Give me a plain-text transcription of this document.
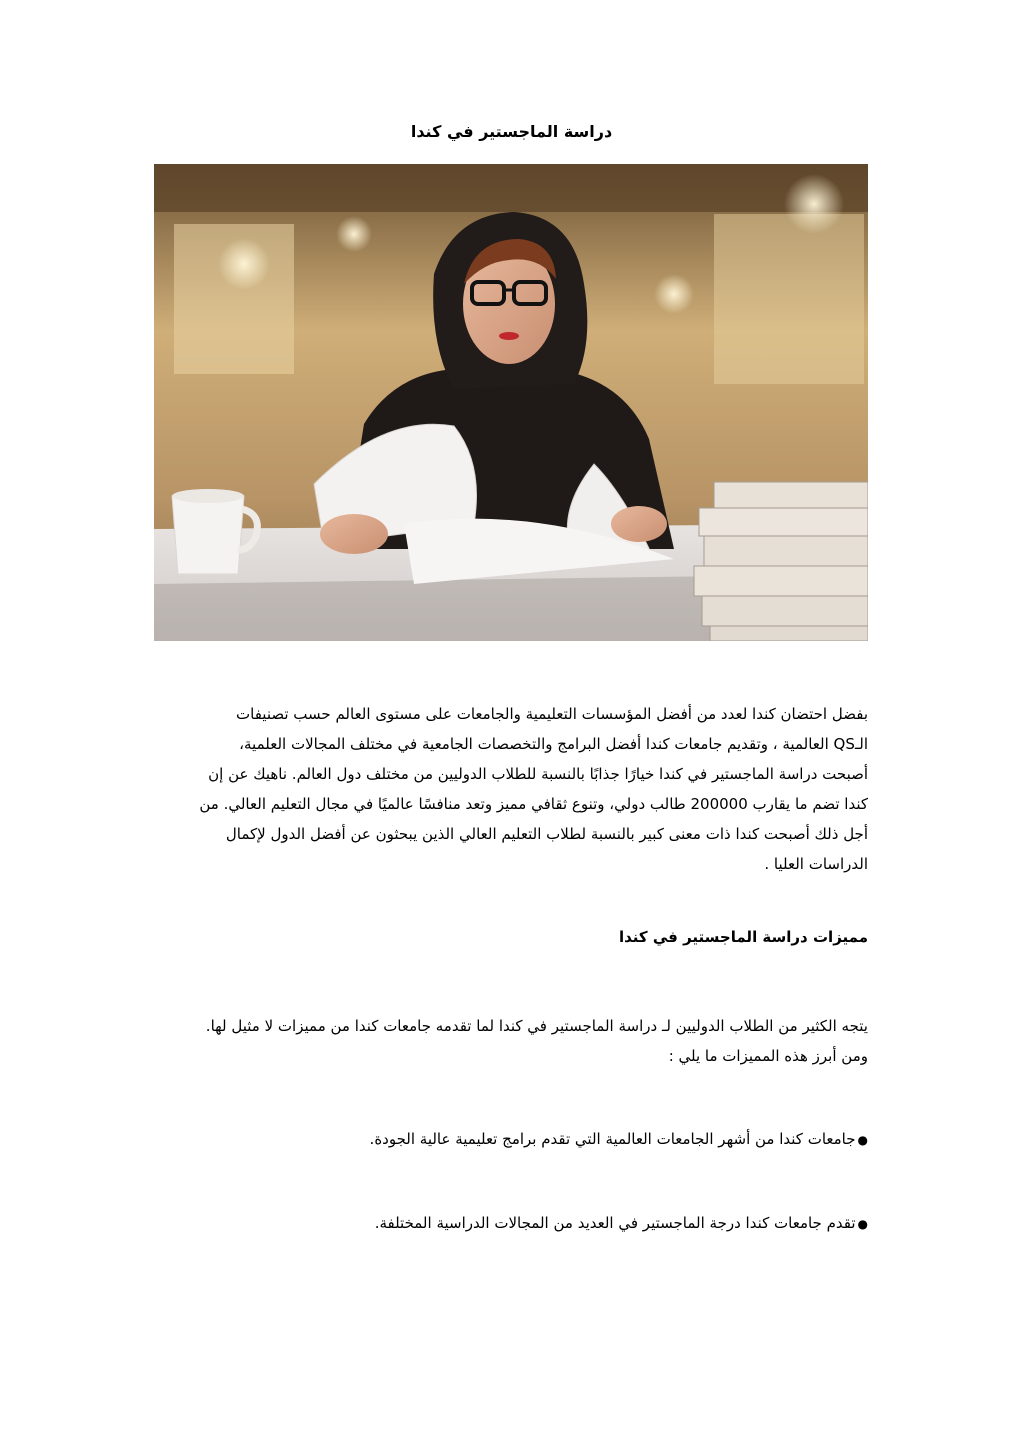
دراسة الماجستير في كندا
بفضل احتضان كندا لعدد من أفضل المؤسسات التعليمية والجامعات على مستوى العالم حسب تصنيفات
الـQS العالمية ، وتقديم جامعات كندا أفضل البرامج والتخصصات الجامعية في مختلف المجالات العلمية،
أصبحت دراسة الماجستير في كندا خيارًا جذابًا بالنسبة للطلاب الدوليين من مختلف دول العالم. ناهيك عن إن
كندا تضم ما يقارب 200000 طالب دولي، وتنوع ثقافي مميز وتعد منافسًا عالميًا في مجال التعليم العالي. من
أجل ذلك أصبحت كندا ذات معنى كبير بالنسبة لطلاب التعليم العالي الذين يبحثون عن أفضل الدول لإكمال
الدراسات العليا .
مميزات دراسة الماجستير في كندا
يتجه الكثير من الطلاب الدوليين لـ دراسة الماجستير في كندا لما تقدمه جامعات كندا من مميزات لا مثيل لها.
ومن أبرز هذه المميزات ما يلي :
●جامعات كندا من أشهر الجامعات العالمية التي تقدم برامج تعليمية عالية الجودة.
●تقدم جامعات كندا درجة الماجستير في العديد من المجالات الدراسية المختلفة.
